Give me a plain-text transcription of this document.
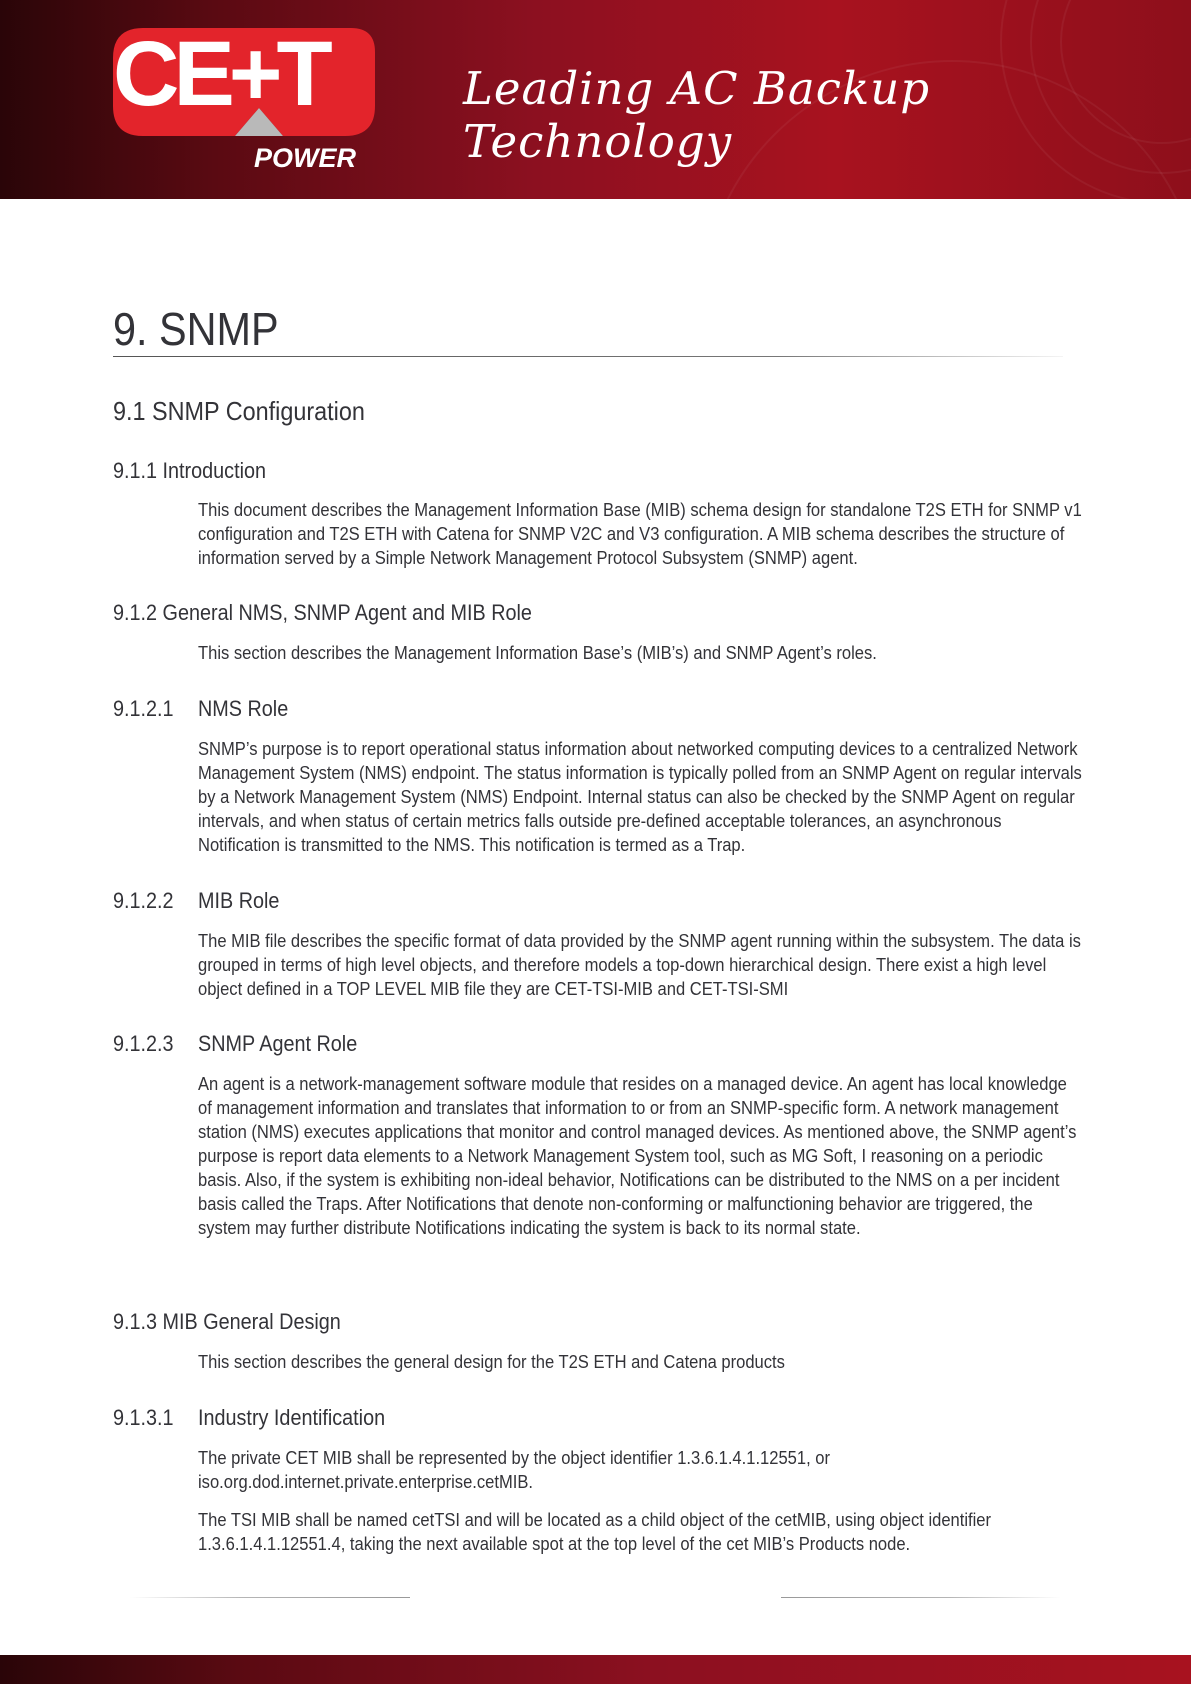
CE+T
POWER
Leading AC Backup Technology
9. SNMP
9.1 SNMP Configuration
9.1.1 Introduction
This document describes the Management Information Base (MIB) schema design for standalone T2S ETH for SNMP v1 configuration and T2S ETH with Catena for SNMP V2C and V3 configuration. A MIB schema describes the structure of information served by a Simple Network Management Protocol Subsystem (SNMP) agent.
9.1.2 General NMS, SNMP Agent and MIB Role
This section describes the Management Information Base’s (MIB’s) and SNMP Agent’s roles.
9.1.2.1 NMS Role
SNMP’s purpose is to report operational status information about networked computing devices to a centralized Network Management System (NMS) endpoint. The status information is typically polled from an SNMP Agent on regular intervals by a Network Management System (NMS) Endpoint. Internal status can also be checked by the SNMP Agent on regular intervals, and when status of certain metrics falls outside pre-defined acceptable tolerances, an asynchronous Notification is transmitted to the NMS. This notification is termed as a Trap.
9.1.2.2 MIB Role
The MIB file describes the specific format of data provided by the SNMP agent running within the subsystem. The data is grouped in terms of high level objects, and therefore models a top-down hierarchical design. There exist a high level object defined in a TOP LEVEL MIB file they are CET-TSI-MIB and CET-TSI-SMI
9.1.2.3 SNMP Agent Role
An agent is a network-management software module that resides on a managed device. An agent has local knowledge of management information and translates that information to or from an SNMP-specific form. A network management station (NMS) executes applications that monitor and control managed devices. As mentioned above, the SNMP agent’s purpose is report data elements to a Network Management System tool, such as MG Soft, I reasoning on a periodic basis. Also, if the system is exhibiting non-ideal behavior, Notifications can be distributed to the NMS on a per incident basis called the Traps. After Notifications that denote non-conforming or malfunctioning behavior are triggered, the system may further distribute Notifications indicating the system is back to its normal state.
9.1.3 MIB General Design
This section describes the general design for the T2S ETH and Catena products
9.1.3.1 Industry Identification
The private CET MIB shall be represented by the object identifier 1.3.6.1.4.1.12551, or iso.org.dod.internet.private.enterprise.cetMIB.
The TSI MIB shall be named cetTSI and will be located as a child object of the cetMIB, using object identifier 1.3.6.1.4.1.12551.4, taking the next available spot at the top level of the cet MIB’s Products node.
